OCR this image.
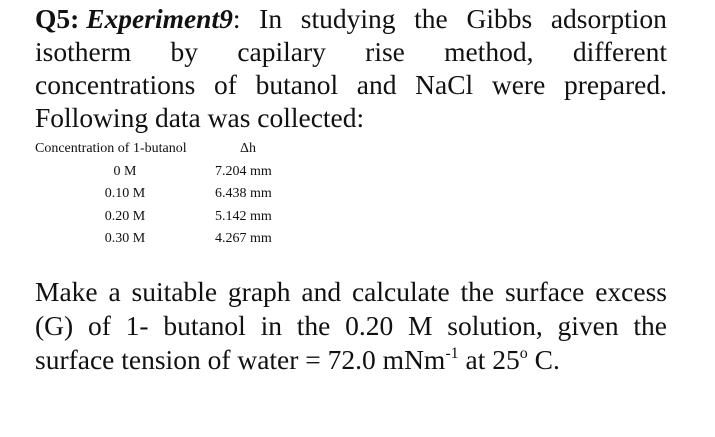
Q5: Experiment9: In studying the Gibbs adsorption
isotherm by capilary rise method, different
concentrations of butanol and NaCl were prepared.
Following data was collected:
Concentration of 1-butanol	Δh
0 M	7.204 mm
0.10 M	6.438 mm
0.20 M	5.142 mm
0.30 M	4.267 mm
Make a suitable graph and calculate the surface excess
(G) of 1- butanol in the 0.20 M solution, given the
surface tension of water = 72.0 mNm$^{-1}$ at 25$^o$ C.
